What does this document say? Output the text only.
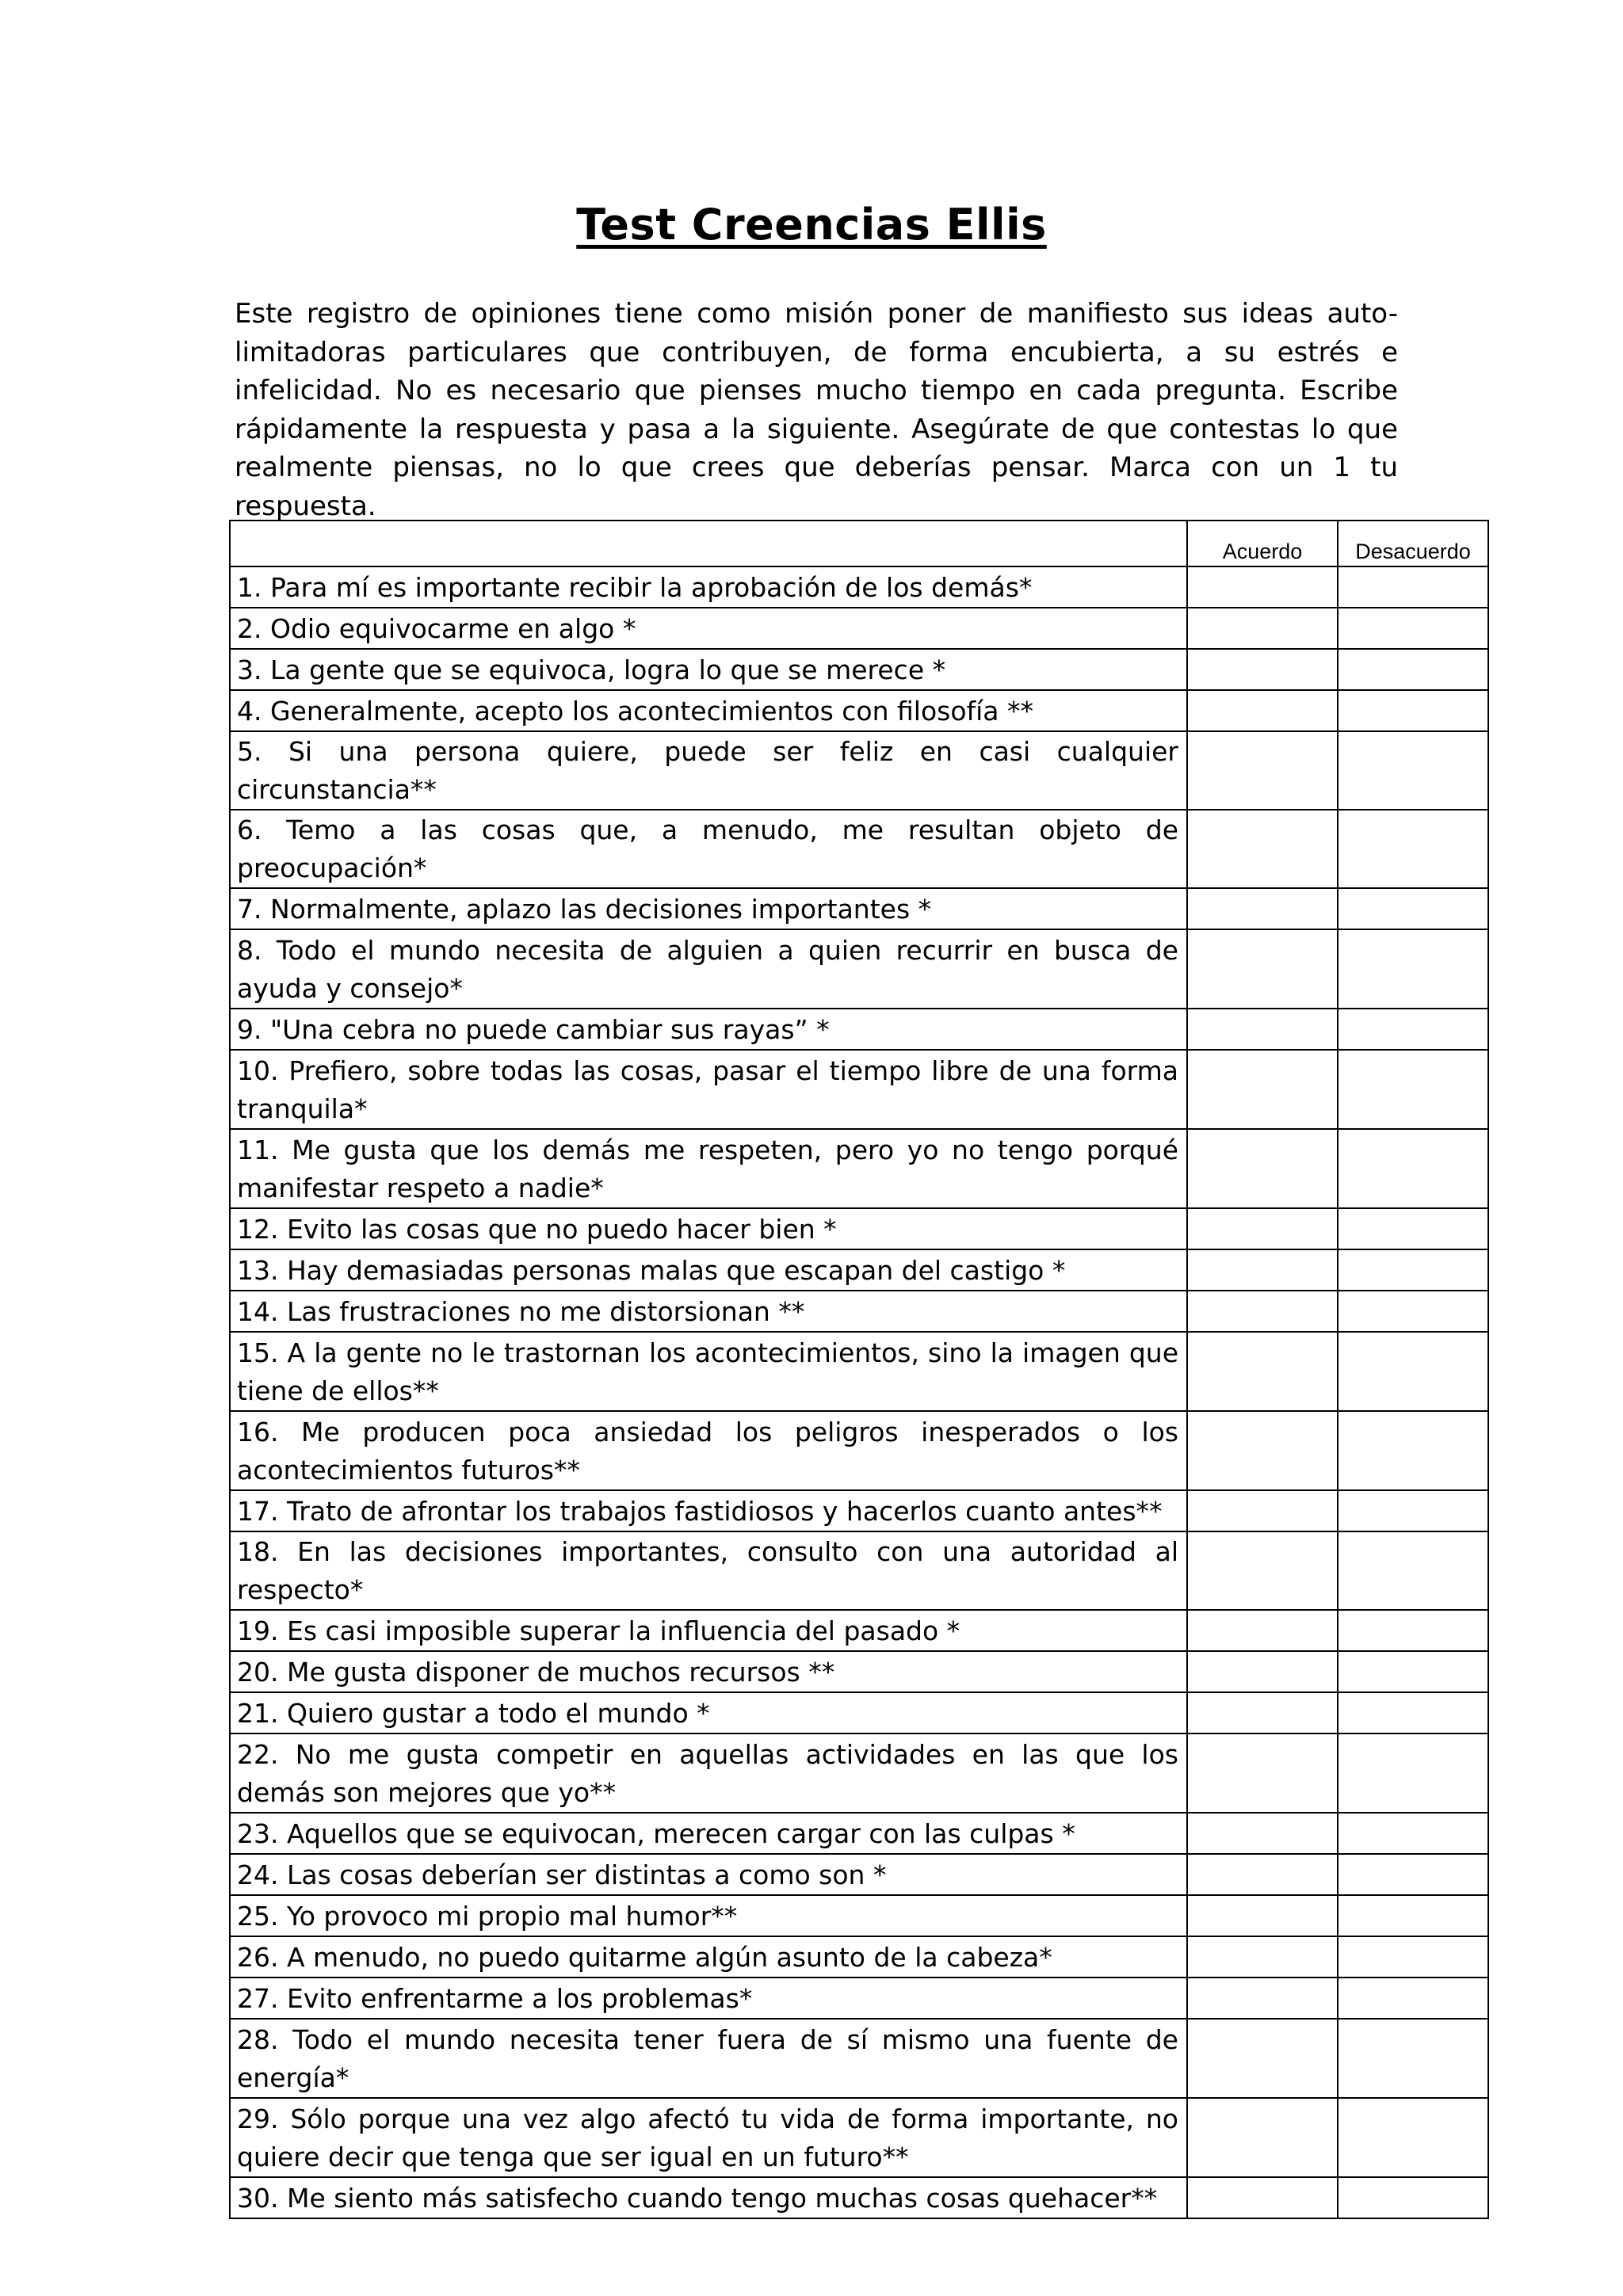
Test Creencias Ellis
Este registro de opiniones tiene como misión poner de manifiesto sus ideas auto-limitadoras particulares que contribuyen, de forma encubierta, a su estrés e infelicidad. No es necesario que pienses mucho tiempo en cada pregunta. Escribe rápidamente la respuesta y pasa a la siguiente. Asegúrate de que contestas lo que realmente piensas, no lo que crees que deberías pensar. Marca con un 1 tu respuesta.
	Acuerdo	Desacuerdo
1. Para mí es importante recibir la aprobación de los demás*		
2. Odio equivocarme en algo *		
3. La gente que se equivoca, logra lo que se merece *		
4. Generalmente, acepto los acontecimientos con filosofía **		
5. Si una persona quiere, puede ser feliz en casi cualquier circunstancia**		
6. Temo a las cosas que, a menudo, me resultan objeto de preocupación*		
7. Normalmente, aplazo las decisiones importantes *		
8. Todo el mundo necesita de alguien a quien recurrir en busca de ayuda y consejo*		
9. "Una cebra no puede cambiar sus rayas” *		
10. Prefiero, sobre todas las cosas, pasar el tiempo libre de una forma tranquila*		
11. Me gusta que los demás me respeten, pero yo no tengo porqué manifestar respeto a nadie*		
12. Evito las cosas que no puedo hacer bien *		
13. Hay demasiadas personas malas que escapan del castigo *		
14. Las frustraciones no me distorsionan **		
15. A la gente no le trastornan los acontecimientos, sino la imagen que tiene de ellos**		
16. Me producen poca ansiedad los peligros inesperados o los acontecimientos futuros**		
17. Trato de afrontar los trabajos fastidiosos y hacerlos cuanto antes**		
18. En las decisiones importantes, consulto con una autoridad al respecto*		
19. Es casi imposible superar la influencia del pasado *		
20. Me gusta disponer de muchos recursos **		
21. Quiero gustar a todo el mundo *		
22. No me gusta competir en aquellas actividades en las que los demás son mejores que yo**		
23. Aquellos que se equivocan, merecen cargar con las culpas *		
24. Las cosas deberían ser distintas a como son *		
25. Yo provoco mi propio mal humor**		
26. A menudo, no puedo quitarme algún asunto de la cabeza*		
27. Evito enfrentarme a los problemas*		
28. Todo el mundo necesita tener fuera de sí mismo una fuente de energía*		
29. Sólo porque una vez algo afectó tu vida de forma importante, no quiere decir que tenga que ser igual en un futuro**		
30. Me siento más satisfecho cuando tengo muchas cosas quehacer**		
